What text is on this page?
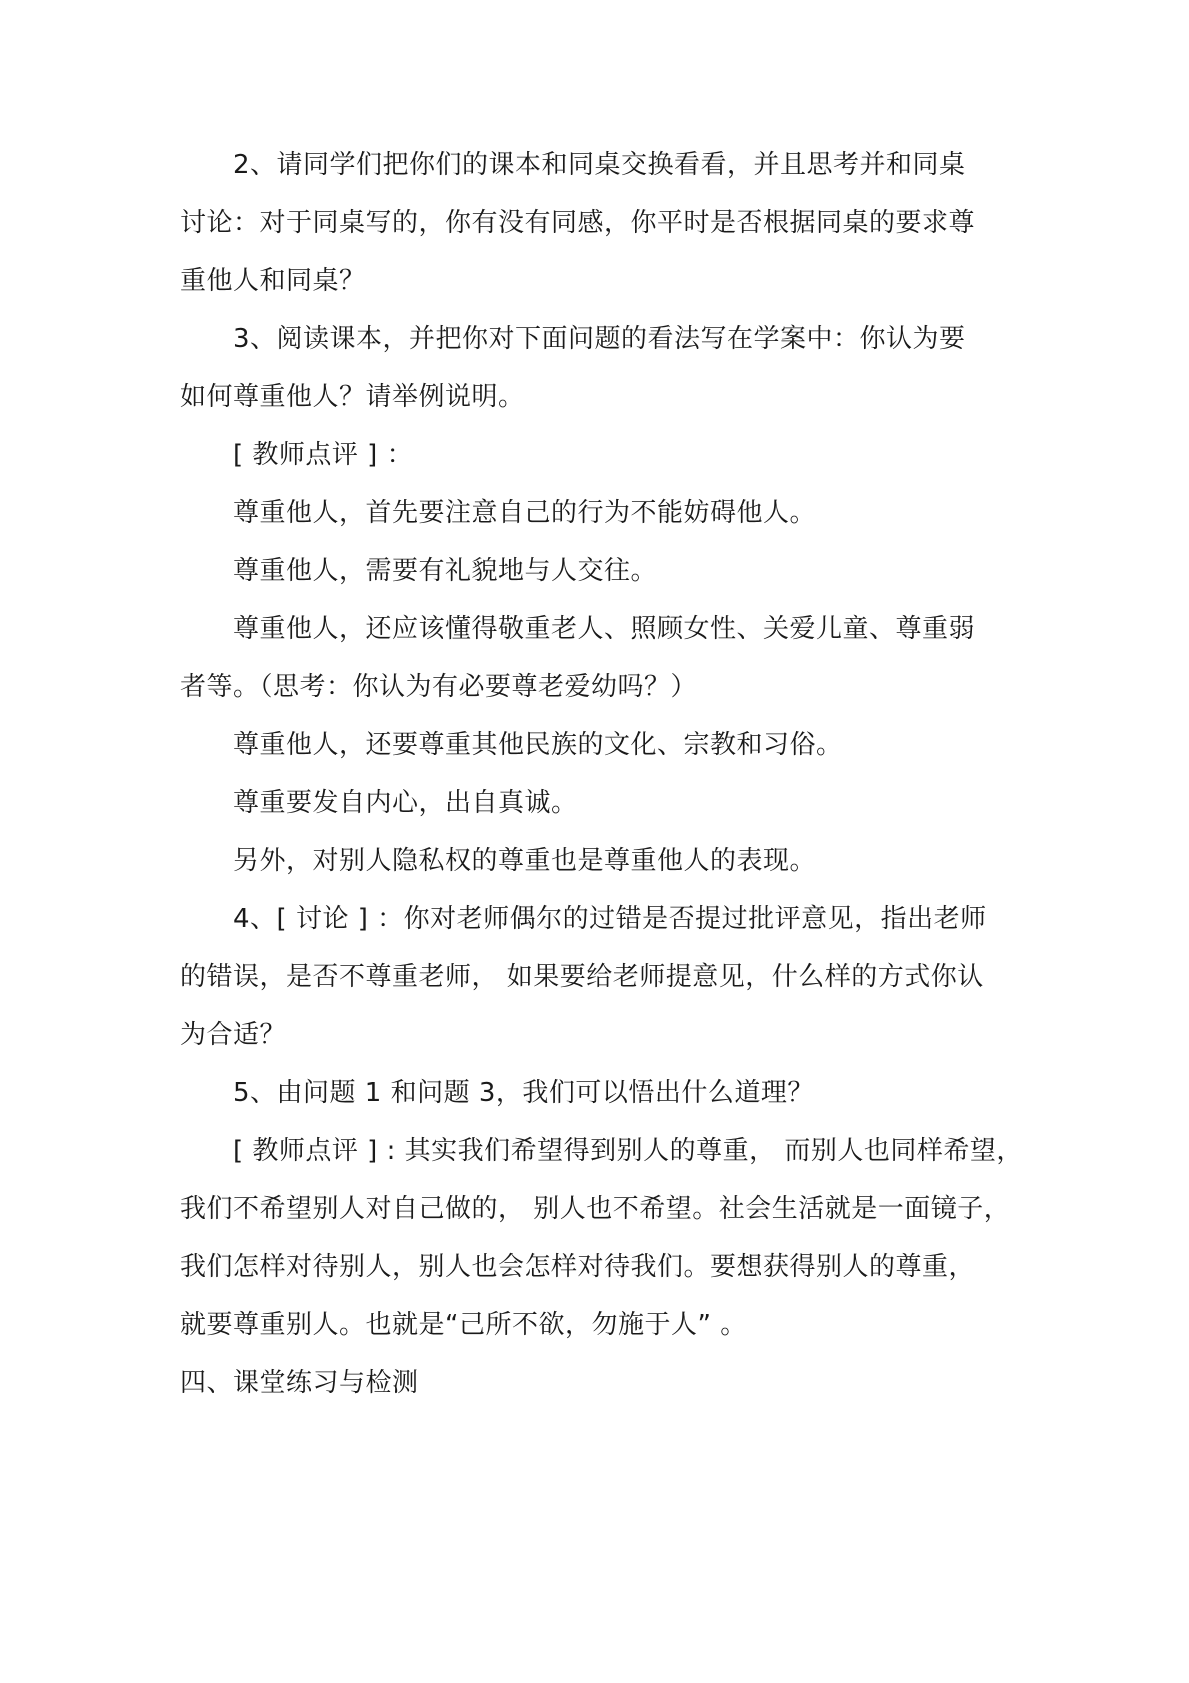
2、请同学们把你们的课本和同桌交换看看，并且思考并和同桌

讨论：对于同桌写的，你有没有同感，你平时是否根据同桌的要求尊

重他人和同桌？

3、阅读课本，并把你对下面问题的看法写在学案中：你认为要

如何尊重他人？请举例说明。

[ 教师点评 ] ：

尊重他人，首先要注意自己的行为不能妨碍他人。

尊重他人，需要有礼貌地与人交往。

尊重他人，还应该懂得敬重老人、照顾女性、关爱儿童、尊重弱

者等。（思考：你认为有必要尊老爱幼吗？）

尊重他人，还要尊重其他民族的文化、宗教和习俗。

尊重要发自内心，出自真诚。

另外，对别人隐私权的尊重也是尊重他人的表现。

4、[ 讨论 ] ：你对老师偶尔的过错是否提过批评意见，指出老师

的错误，是否不尊重老师， 如果要给老师提意见，什么样的方式你认

为合适？

5、由问题 1 和问题 3，我们可以悟出什么道理？

[ 教师点评 ] : 其实我们希望得到别人的尊重， 而别人也同样希望，

我们不希望别人对自己做的， 别人也不希望。社会生活就是一面镜子，

我们怎样对待别人，别人也会怎样对待我们。要想获得别人的尊重，

就要尊重别人。也就是“己所不欲，勿施于人” 。

四、课堂练习与检测
